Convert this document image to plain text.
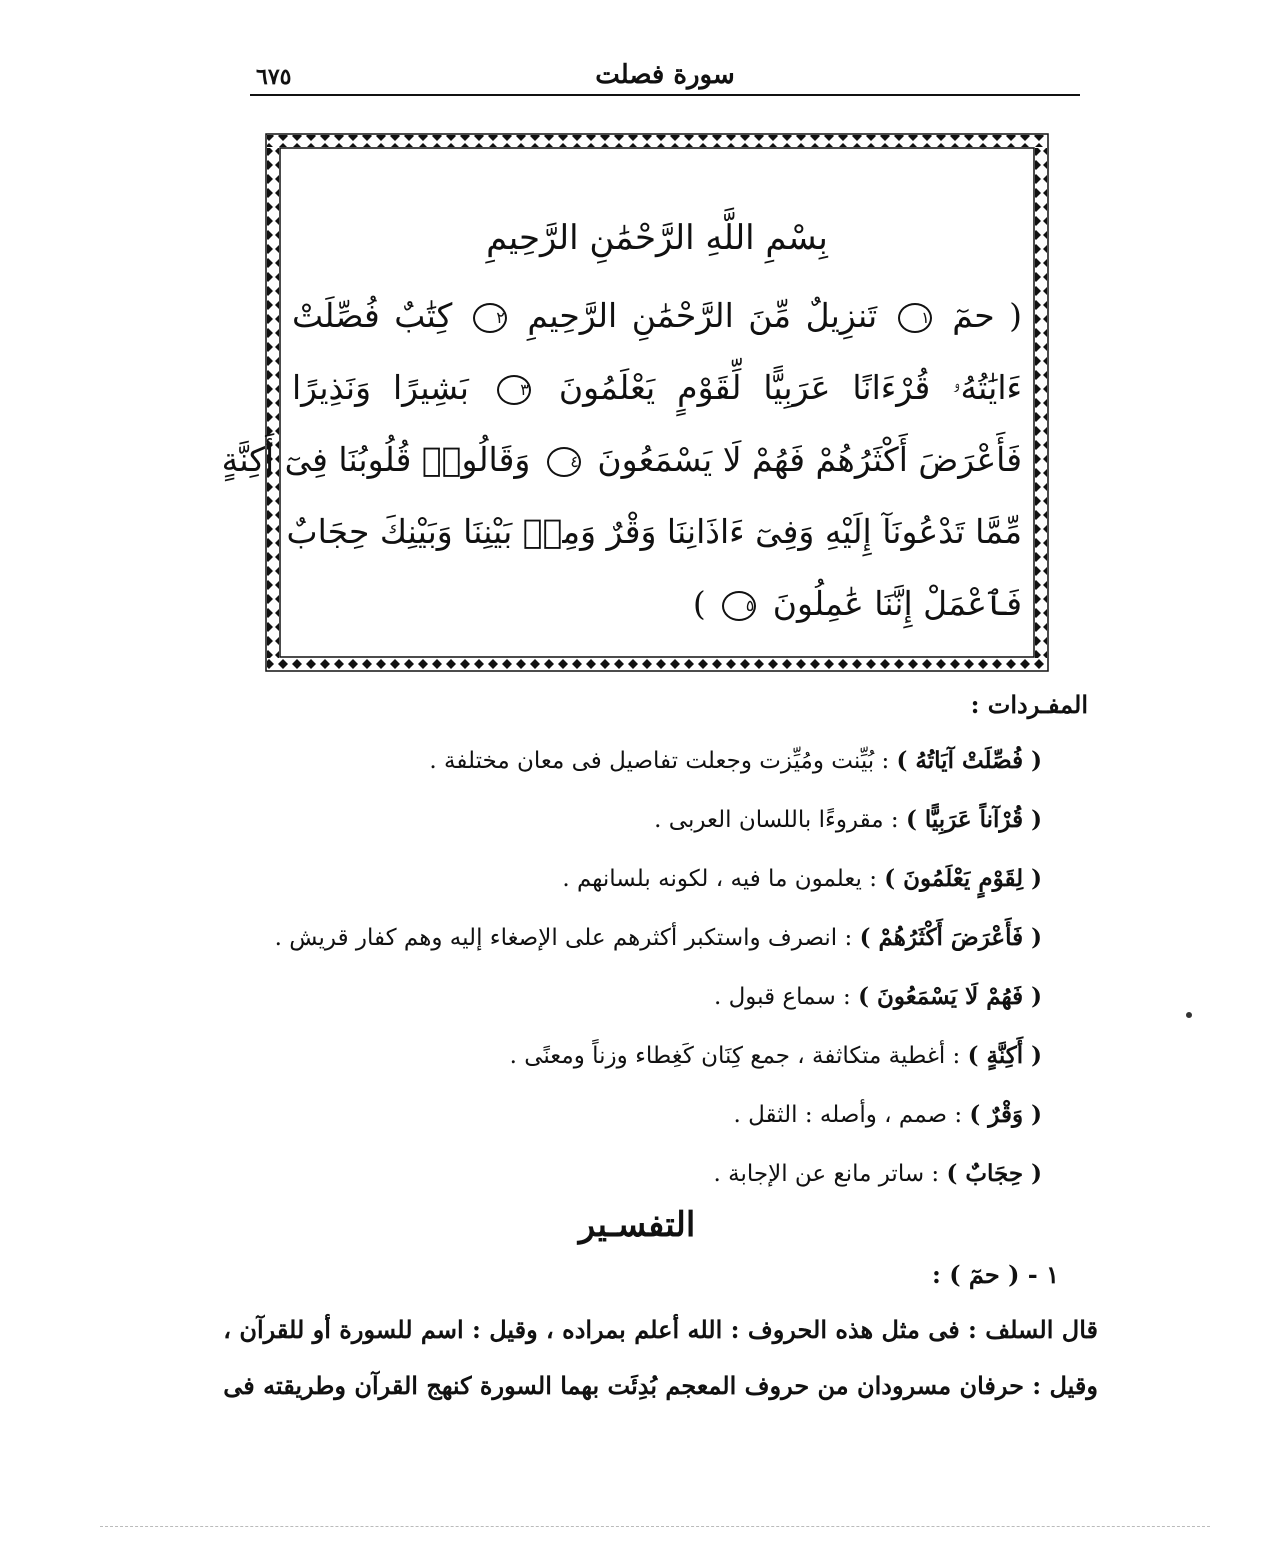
٦٧٥	سورة فصلت
بِسْمِ اللَّهِ الرَّحْمَٰنِ الرَّحِيمِ
( حمٓ ١ تَنزِيلٌ مِّنَ الرَّحْمَٰنِ الرَّحِيمِ ٢ كِتَٰبٌ فُصِّلَتْ
ءَايَٰتُهُۥ قُرْءَانًا عَرَبِيًّا لِّقَوْمٍ يَعْلَمُونَ ٣ بَشِيرًا وَنَذِيرًا
فَأَعْرَضَ أَكْثَرُهُمْ فَهُمْ لَا يَسْمَعُونَ ٤ وَقَالُوا۟ قُلُوبُنَا فِىٓ أَكِنَّةٍ
مِّمَّا تَدْعُونَآ إِلَيْهِ وَفِىٓ ءَاذَانِنَا وَقْرٌ وَمِنۢ بَيْنِنَا وَبَيْنِكَ حِجَابٌ
فَٱعْمَلْ إِنَّنَا عَٰمِلُونَ ٥ )
المفـردات :
( فُصِّلَتْ آيَاتُهُ ) : بُيِّنت ومُيِّزت وجعلت تفاصيل فى معان مختلفة .
( قُرْآناً عَرَبِيًّا ) : مقروءًا باللسان العربى .
( لِقَوْمٍ يَعْلَمُونَ ) : يعلمون ما فيه ، لكونه بلسانهم .
( فَأَعْرَضَ أَكْثَرُهُمْ ) : انصرف واستكبر أكثرهم على الإصغاء إليه وهم كفار قريش .
( فَهُمْ لَا يَسْمَعُونَ ) : سماع قبول .
( أَكِنَّةٍ ) : أغطية متكاثفة ، جمع كِنَان كَغِطاء وزناً ومعنًى .
( وَقْرٌ ) : صمم ، وأصله : الثقل .
( حِجَابٌ ) : ساتر مانع عن الإجابة .
التفسـير
١ - ( حمٓ ) :
قال السلف : فى مثل هذه الحروف : الله أعلم بمراده ، وقيل : اسم للسورة أو للقرآن ،
وقيل : حرفان مسرودان من حروف المعجم بُدِئَت بهما السورة كنهج القرآن وطريقته فى
